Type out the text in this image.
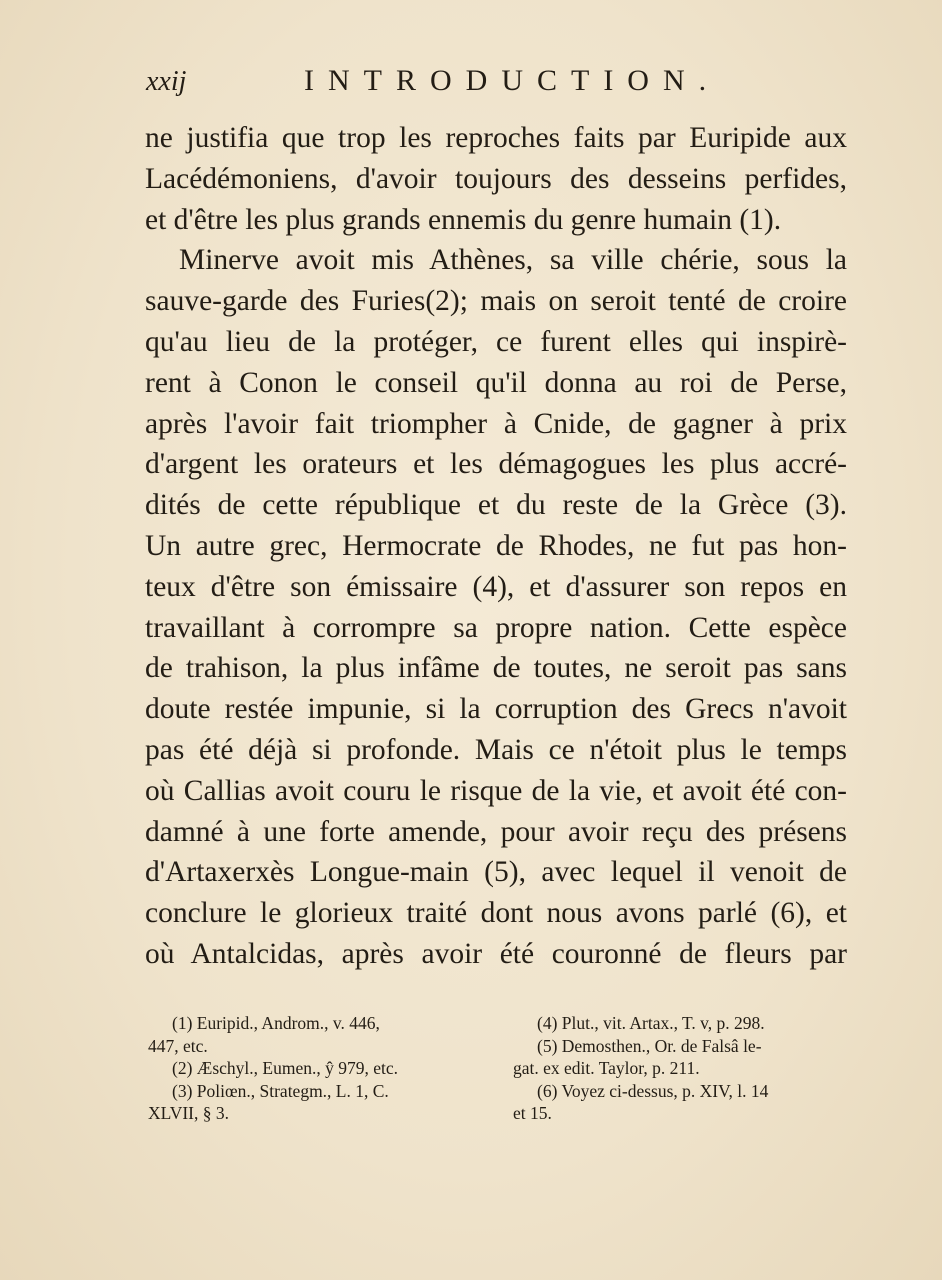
xxij	INTRODUCTION.
ne justifia que trop les reproches faits par Euripide aux
Lacédémoniens, d'avoir toujours des desseins perfides,
et d'être les plus grands ennemis du genre humain (1).
Minerve avoit mis Athènes, sa ville chérie, sous la
sauve-garde des Furies(2); mais on seroit tenté de croire
qu'au lieu de la protéger, ce furent elles qui inspirè-
rent à Conon le conseil qu'il donna au roi de Perse,
après l'avoir fait triompher à Cnide, de gagner à prix
d'argent les orateurs et les démagogues les plus accré-
dités de cette république et du reste de la Grèce (3).
Un autre grec, Hermocrate de Rhodes, ne fut pas hon-
teux d'être son émissaire (4), et d'assurer son repos en
travaillant à corrompre sa propre nation. Cette espèce
de trahison, la plus infâme de toutes, ne seroit pas sans
doute restée impunie, si la corruption des Grecs n'avoit
pas été déjà si profonde. Mais ce n'étoit plus le temps
où Callias avoit couru le risque de la vie, et avoit été con-
damné à une forte amende, pour avoir reçu des présens
d'Artaxerxès Longue-main (5), avec lequel il venoit de
conclure le glorieux traité dont nous avons parlé (6), et
où Antalcidas, après avoir été couronné de fleurs par
(1) Euripid., Androm., v. 446,
447, etc.
(2) Æschyl., Eumen., ŷ 979, etc.
(3) Poliœn., Strategm., L. 1, C.
XLVII, § 3.
(4) Plut., vit. Artax., T. v, p. 298.
(5) Demosthen., Or. de Falsâ le-
gat. ex edit. Taylor, p. 211.
(6) Voyez ci-dessus, p. XIV, l. 14
et 15.
